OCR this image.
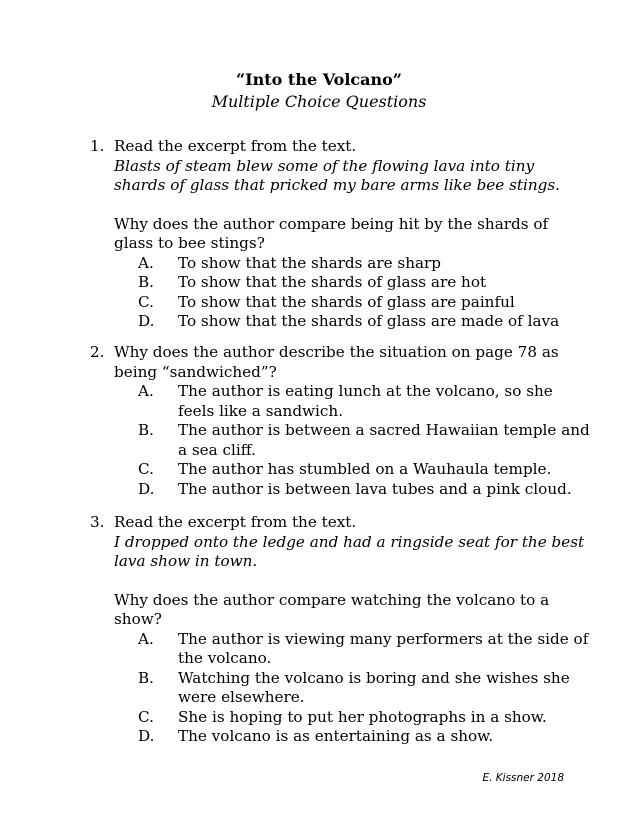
“Into the Volcano”
Multiple Choice Questions
1. Read the excerpt from the text.
Blasts of steam blew some of the flowing lava into tiny shards of glass that pricked my bare arms like bee stings.
Why does the author compare being hit by the shards of glass to bee stings?
A.	To show that the shards are sharp
B.	To show that the shards of glass are hot
C.	To show that the shards of glass are painful
D.	To show that the shards of glass are made of lava
2. Why does the author describe the situation on page 78 as being “sandwiched”?
A.	The author is eating lunch at the volcano, so she feels like a sandwich.
B.	The author is between a sacred Hawaiian temple and a sea cliff.
C.	The author has stumbled on a Wauhaula temple.
D.	The author is between lava tubes and a pink cloud.
3. Read the excerpt from the text.
I dropped onto the ledge and had a ringside seat for the best lava show in town.
Why does the author compare watching the volcano to a show?
A.	The author is viewing many performers at the side of the volcano.
B.	Watching the volcano is boring and she wishes she were elsewhere.
C.	She is hoping to put her photographs in a show.
D.	The volcano is as entertaining as a show.
E. Kissner 2018
